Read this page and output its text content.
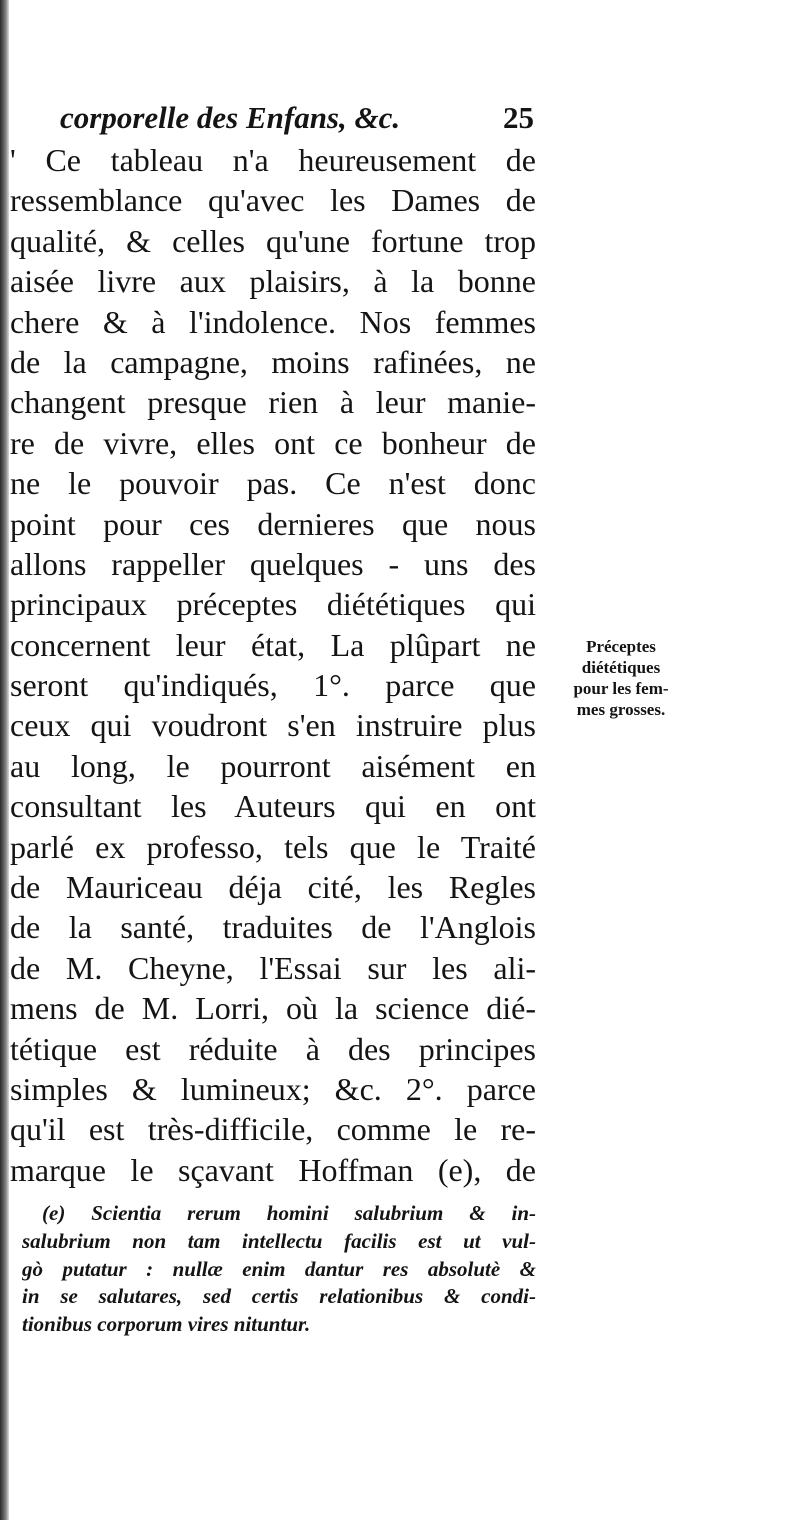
corporelle des Enfans, &c.	25
' Ce tableau n'a heureusement de
ressemblance qu'avec les Dames de
qualité, & celles qu'une fortune trop
aisée livre aux plaisirs, à la bonne
chere & à l'indolence. Nos femmes
de la campagne, moins rafinées, ne
changent presque rien à leur manie-
re de vivre, elles ont ce bonheur de
ne le pouvoir pas. Ce n'est donc
point pour ces dernieres que nous
allons rappeller quelques - uns des
principaux préceptes diététiques qui
concernent leur état, La plûpart ne
seront qu'indiqués, 1°. parce que
ceux qui voudront s'en instruire plus
au long, le pourront aisément en
consultant les Auteurs qui en ont
parlé ex professo, tels que le Traité
de Mauriceau déja cité, les Regles
de la santé, traduites de l'Anglois
de M. Cheyne, l'Essai sur les ali-
mens de M. Lorri, où la science dié-
tétique est réduite à des principes
simples & lumineux; &c. 2°. parce
qu'il est très-difficile, comme le re-
marque le sçavant Hoffman (e), de
Préceptes
diététiques
pour les fem-
mes grosses.
(e) Scientia rerum homini salubrium & in-
salubrium non tam intellectu facilis est ut vul-
gò putatur : nullæ enim dantur res absolutè &
in se salutares, sed certis relationibus & condi-
tionibus corporum vires nituntur.
